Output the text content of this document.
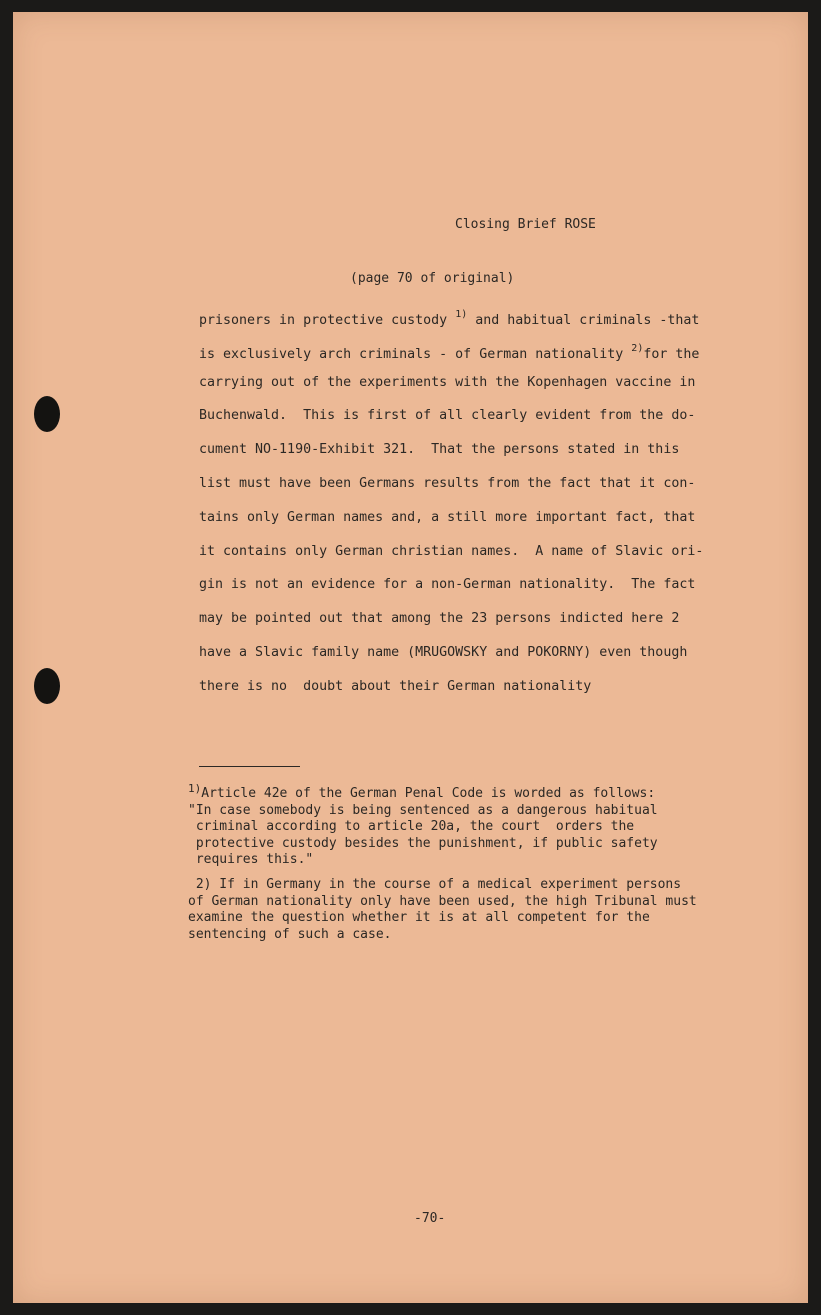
Closing Brief ROSE
(page 70 of original)
prisoners in protective custody $^{1)}$ and habitual criminals -that
is exclusively arch criminals - of German nationality $^{2)}$for the
carrying out of the experiments with the Kopenhagen vaccine in
Buchenwald.  This is first of all clearly evident from the do-
cument NO-1190-Exhibit 321.  That the persons stated in this
list must have been Germans results from the fact that it con-
tains only German names and, a still more important fact, that
it contains only German christian names.  A name of Slavic ori-
gin is not an evidence for a non-German nationality.  The fact
may be pointed out that among the 23 persons indicted here 2
have a Slavic family name (MRUGOWSKY and POKORNY) even though
there is no  doubt about their German nationality
$^{1)}$Article 42e of the German Penal Code is worded as follows:
"In case somebody is being sentenced as a dangerous habitual
criminal according to article 20a, the court  orders the
protective custody besides the punishment, if public safety
requires this."
2) If in Germany in the course of a medical experiment persons
of German nationality only have been used, the high Tribunal must
examine the question whether it is at all competent for the
sentencing of such a case.
-70-
